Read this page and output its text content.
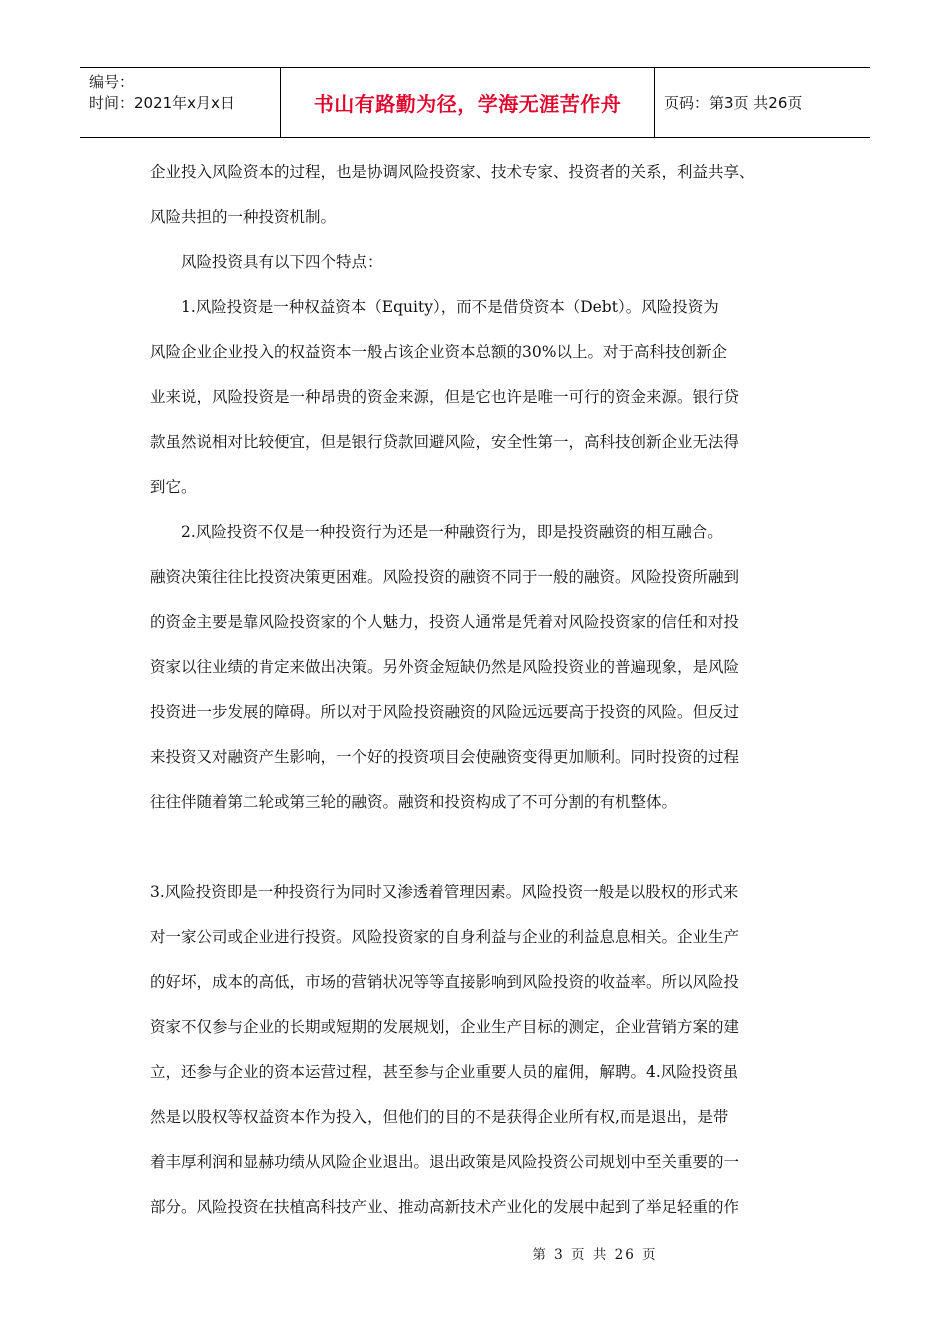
编号：
时间：2021年x月x日	书山有路勤为径，学海无涯苦作舟	页码：第3页 共26页
企业投入风险资本的过程，也是协调风险投资家、技术专家、投资者的关系，利益共享、
风险共担的一种投资机制。
　　风险投资具有以下四个特点：
　　1.风险投资是一种权益资本（Equity），而不是借贷资本（Debt）。风险投资为
风险企业企业投入的权益资本一般占该企业资本总额的30%以上。对于高科技创新企
业来说，风险投资是一种昂贵的资金来源，但是它也许是唯一可行的资金来源。银行贷
款虽然说相对比较便宜，但是银行贷款回避风险，安全性第一，高科技创新企业无法得
到它。
　　2.风险投资不仅是一种投资行为还是一种融资行为，即是投资融资的相互融合。
融资决策往往比投资决策更困难。风险投资的融资不同于一般的融资。风险投资所融到
的资金主要是靠风险投资家的个人魅力，投资人通常是凭着对风险投资家的信任和对投
资家以往业绩的肯定来做出决策。另外资金短缺仍然是风险投资业的普遍现象，是风险
投资进一步发展的障碍。所以对于风险投资融资的风险远远要高于投资的风险。但反过
来投资又对融资产生影响，一个好的投资项目会使融资变得更加顺利。同时投资的过程
往往伴随着第二轮或第三轮的融资。融资和投资构成了不可分割的有机整体。
3.风险投资即是一种投资行为同时又渗透着管理因素。风险投资一般是以股权的形式来
对一家公司或企业进行投资。风险投资家的自身利益与企业的利益息息相关。企业生产
的好坏，成本的高低，市场的营销状况等等直接影响到风险投资的收益率。所以风险投
资家不仅参与企业的长期或短期的发展规划，企业生产目标的测定，企业营销方案的建
立，还参与企业的资本运营过程，甚至参与企业重要人员的雇佣，解聘。4.风险投资虽
然是以股权等权益资本作为投入，但他们的目的不是获得企业所有权,而是退出，是带
着丰厚利润和显赫功绩从风险企业退出。退出政策是风险投资公司规划中至关重要的一
部分。风险投资在扶植高科技产业、推动高新技术产业化的发展中起到了举足轻重的作
第 3 页 共 26 页
